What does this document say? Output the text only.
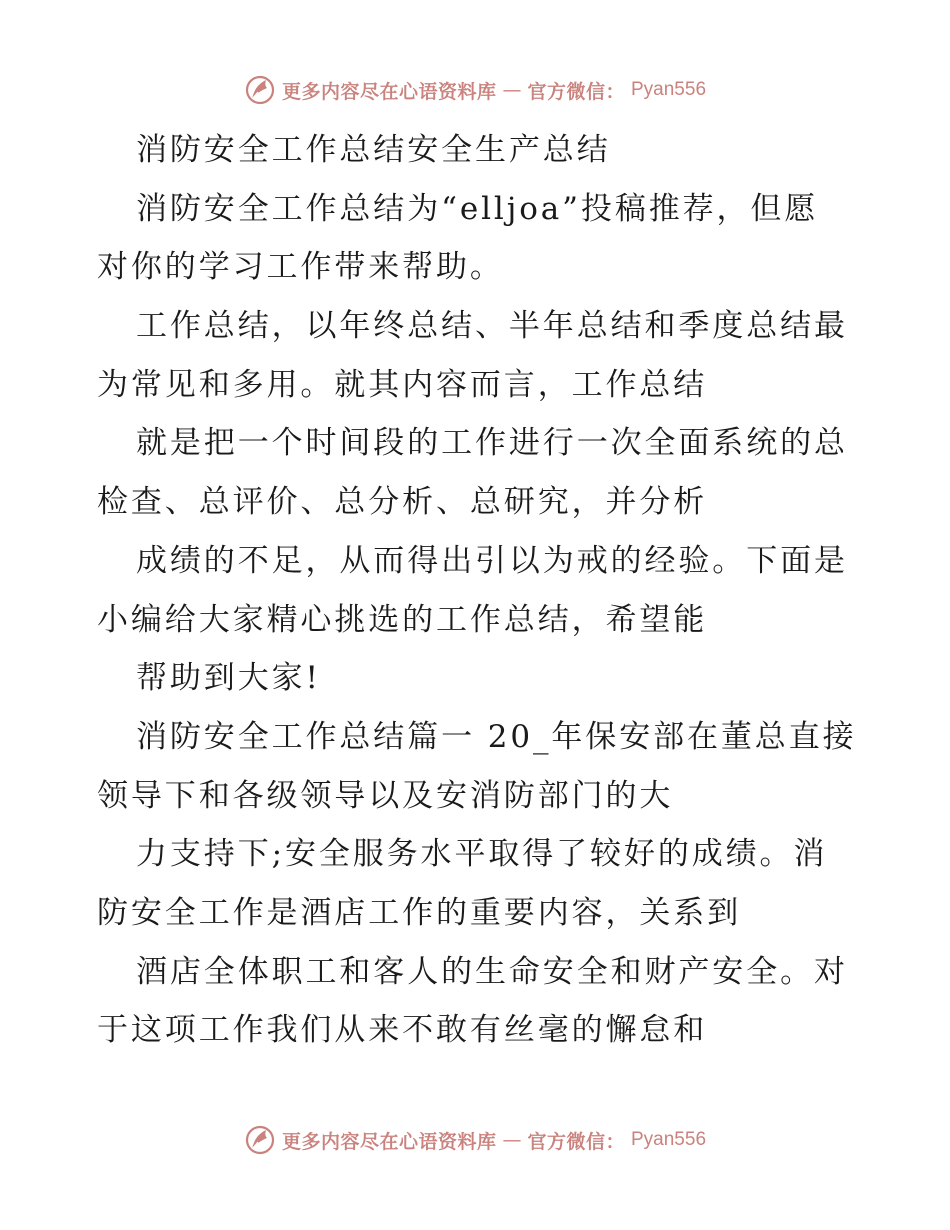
更多内容尽在心语资料库 — 官方微信： Pyan556
消防安全工作总结安全生产总结
消防安全工作总结为“elljoa”投稿推荐，但愿
对你的学习工作带来帮助。
工作总结，以年终总结、半年总结和季度总结最
为常见和多用。就其内容而言，工作总结
就是把一个时间段的工作进行一次全面系统的总
检查、总评价、总分析、总研究，并分析
成绩的不足，从而得出引以为戒的经验。下面是
小编给大家精心挑选的工作总结，希望能
帮助到大家!
消防安全工作总结篇一 20_年保安部在董总直接
领导下和各级领导以及安消防部门的大
力支持下;安全服务水平取得了较好的成绩。消
防安全工作是酒店工作的重要内容，关系到
酒店全体职工和客人的生命安全和财产安全。对
于这项工作我们从来不敢有丝毫的懈怠和
更多内容尽在心语资料库 — 官方微信： Pyan556
